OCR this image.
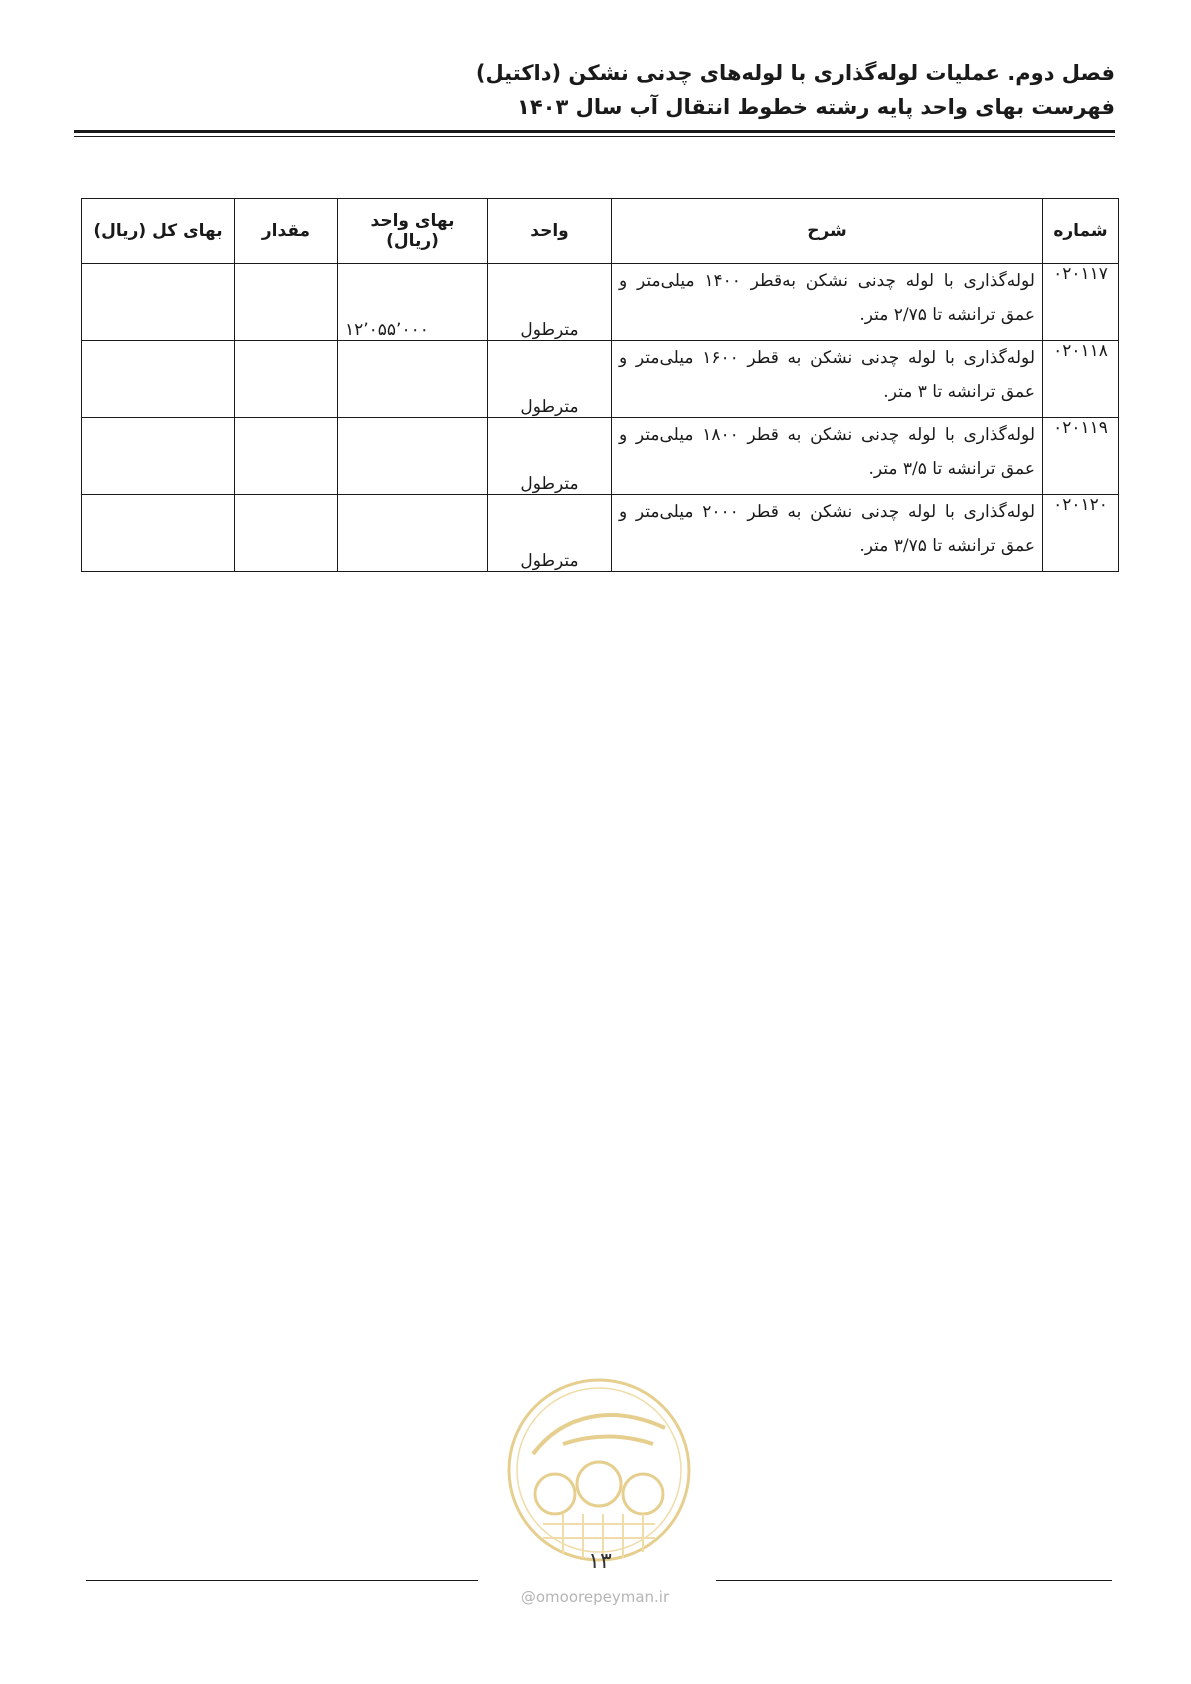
فصل دوم. عملیات لوله‌گذاری با لوله‌های چدنی نشکن (داکتیل)
فهرست بهای واحد پایه رشته خطوط انتقال آب سال ۱۴۰۳
شماره	شرح	واحد	بهای واحد (ریال)	مقدار	بهای کل (ریال)
۰۲۰۱۱۷	لوله‌گذاری با لوله چدنی نشکن به‌قطر ۱۴۰۰ میلی‌متر و عمق ترانشه تا ۲/۷۵ متر.	مترطول	۱۲٬۰۵۵٬۰۰۰		
۰۲۰۱۱۸	لوله‌گذاری با لوله چدنی نشکن به قطر ۱۶۰۰ میلی‌متر و عمق ترانشه تا ۳ متر.	مترطول			
۰۲۰۱۱۹	لوله‌گذاری با لوله چدنی نشکن به قطر ۱۸۰۰ میلی‌متر و عمق ترانشه تا ۳/۵ متر.	مترطول			
۰۲۰۱۲۰	لوله‌گذاری با لوله چدنی نشکن به قطر ۲۰۰۰ میلی‌متر و عمق ترانشه تا ۳/۷۵ متر.	مترطول			
۱۳
@omoorepeyman.ir
